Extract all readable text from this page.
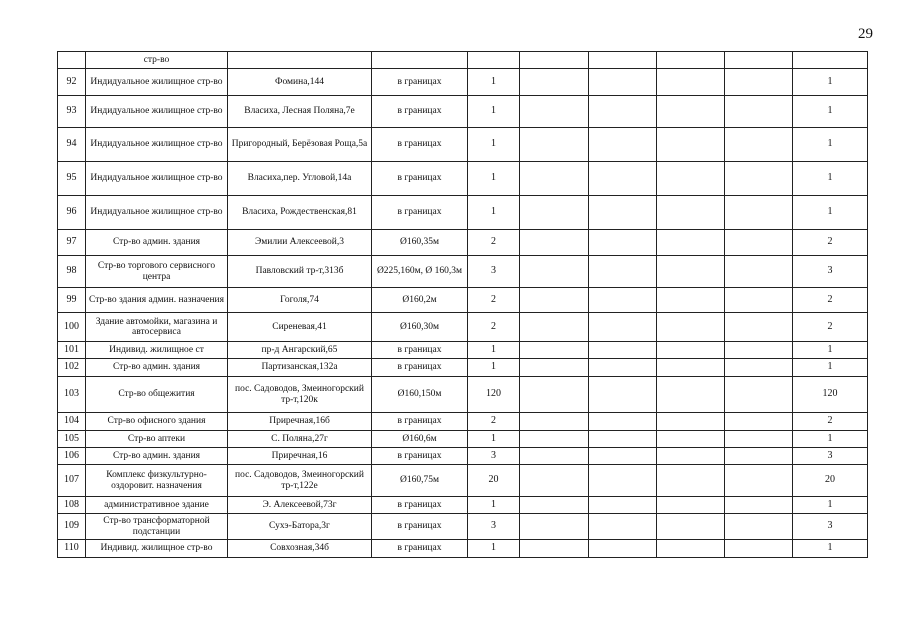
29
	стр-во								
92	Индидуальное жилищное стр-во	Фомина,144	в границах	1					1
93	Индидуальное жилищное стр-во	Власиха, Лесная Поляна,7е	в границах	1					1
94	Индидуальное жилищное стр-во	Пригородный, Берёзовая Роща,5а	в границах	1					1
95	Индидуальное жилищное стр-во	Власиха,пер. Угловой,14а	в границах	1					1
96	Индидуальное жилищное стр-во	Власиха, Рождественская,81	в границах	1					1
97	Стр-во админ. здания	Эмилии Алексеевой,3	Ø160,35м	2					2
98	Стр-во торгового сервисного центра	Павловский тр-т,313б	Ø225,160м, Ø 160,3м	3					3
99	Стр-во здания админ. назначения	Гоголя,74	Ø160,2м	2					2
100	Здание автомойки, магазина и автосервиса	Сиреневая,41	Ø160,30м	2					2
101	Индивид. жилищное ст	пр-д Ангарский,65	в границах	1					1
102	Стр-во админ. здания	Партизанская,132а	в границах	1					1
103	Стр-во общежития	пос. Садоводов, Змеиногорский тр-т,120к	Ø160,150м	120					120
104	Стр-во офисного здания	Приречная,16б	в границах	2					2
105	Стр-во аптеки	С. Поляна,27г	Ø160,6м	1					1
106	Стр-во админ. здания	Приречная,16	в границах	3					3
107	Комплекс физкультурно-оздоровит. назначения	пос. Садоводов, Змеиногорский тр-т,122е	Ø160,75м	20					20
108	административное здание	Э. Алексеевой,73г	в границах	1					1
109	Стр-во трансформаторной подстанции	Сухэ-Батора,3г	в границах	3					3
110	Индивид. жилищное стр-во	Совхозная,34б	в границах	1					1
